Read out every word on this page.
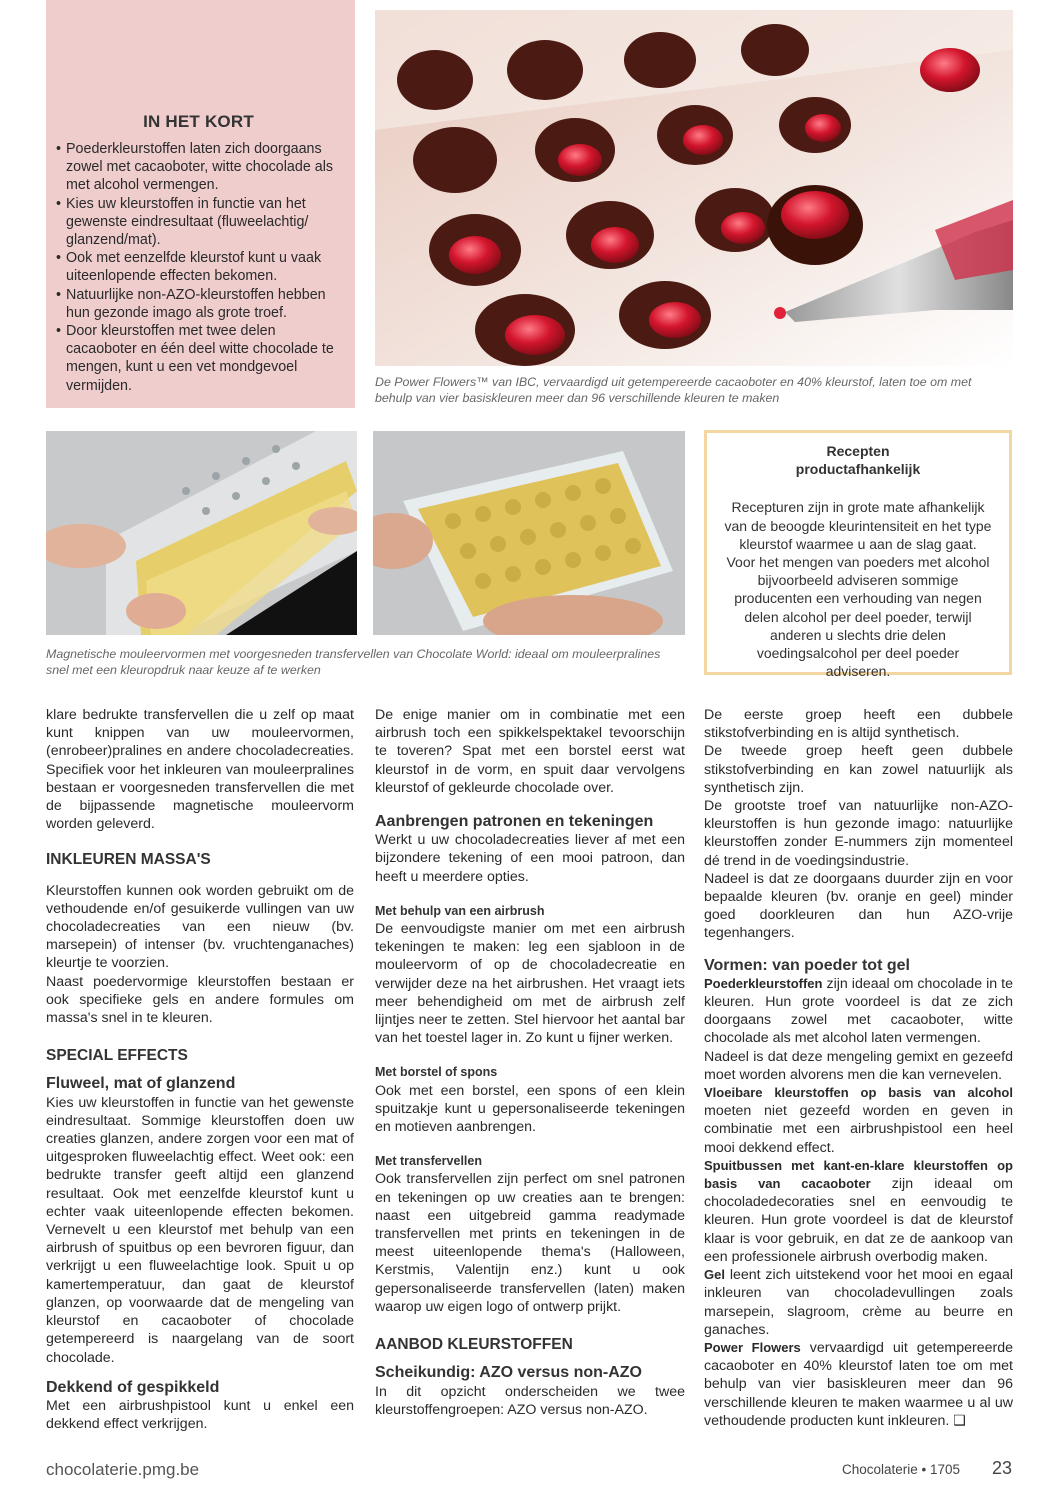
IN HET KORT
• Poederkleurstoffen laten zich doorgaans zowel met cacaoboter, witte chocolade als met alcohol vermengen.
• Kies uw kleurstoffen in functie van het gewenste eindresultaat (fluweelachtig/ glanzend/mat).
• Ook met eenzelfde kleurstof kunt u vaak uiteenlopende effecten bekomen.
• Natuurlijke non-AZO-kleurstoffen hebben hun gezonde imago als grote troef.
• Door kleurstoffen met twee delen cacaoboter en één deel witte chocolade te mengen, kunt u een vet mondgevoel vermijden.	De Power Flowers™ van IBC, vervaardigd uit getempereerde cacaoboter en 40% kleurstof, laten toe om met behulp van vier basiskleuren meer dan 96 verschillende kleuren te maken
Magnetische mouleervormen met voorgesneden transfervellen van Chocolate World: ideaal om mouleerpralines snel met een kleuropdruk naar keuze af te werken
Recepten
productafhankelijk
Recepturen zijn in grote mate afhankelijk van de beoogde kleurintensiteit en het type kleurstof waarmee u aan de slag gaat. Voor het mengen van poeders met alcohol bijvoorbeeld adviseren sommige producenten een verhouding van negen delen alcohol per deel poeder, terwijl anderen u slechts drie delen voedingsalcohol per deel poeder adviseren.

klare bedrukte transfervellen die u zelf op maat kunt knippen van uw mouleervormen, (enrobeer)pralines en andere chocoladecreaties. Specifiek voor het inkleuren van mouleerpralines bestaan er voorgesneden transfervellen die met de bijpassende magnetische mouleervorm worden geleverd.

INKLEUREN MASSA'S

Kleurstoffen kunnen ook worden gebruikt om de vethoudende en/of gesuikerde vullingen van uw chocoladecreaties van een nieuw (bv. marsepein) of intenser (bv. vruchtenganaches) kleurtje te voorzien.

Naast poedervormige kleurstoffen bestaan er ook specifieke gels en andere formules om massa's snel in te kleuren.

SPECIAL EFFECTS

Fluweel, mat of glanzend

Kies uw kleurstoffen in functie van het gewenste eindresultaat. Sommige kleurstoffen doen uw creaties glanzen, andere zorgen voor een mat of uitgesproken fluweelachtig effect. Weet ook: een bedrukte transfer geeft altijd een glanzend resultaat. Ook met eenzelfde kleurstof kunt u echter vaak uiteenlopende effecten bekomen. Vernevelt u een kleurstof met behulp van een airbrush of spuitbus op een bevroren figuur, dan verkrijgt u een fluweelachtige look. Spuit u op kamertemperatuur, dan gaat de kleurstof glanzen, op voorwaarde dat de mengeling van kleurstof en cacaoboter of chocolade getempereerd is naargelang van de soort chocolade.

Dekkend of gespikkeld

Met een airbrushpistool kunt u enkel een dekkend effect verkrijgen.

De enige manier om in combinatie met een airbrush toch een spikkelspektakel tevoorschijn te toveren? Spat met een borstel eerst wat kleurstof in de vorm, en spuit daar vervolgens kleurstof of gekleurde chocolade over.

Aanbrengen patronen en tekeningen

Werkt u uw chocoladecreaties liever af met een bijzondere tekening of een mooi patroon, dan heeft u meerdere opties.

Met behulp van een airbrush

De eenvoudigste manier om met een airbrush tekeningen te maken: leg een sjabloon in de mouleervorm of op de chocoladecreatie en verwijder deze na het airbrushen. Het vraagt iets meer behendigheid om met de airbrush zelf lijntjes neer te zetten. Stel hiervoor het aantal bar van het toestel lager in. Zo kunt u fijner werken.

Met borstel of spons

Ook met een borstel, een spons of een klein spuitzakje kunt u gepersonaliseerde tekeningen en motieven aanbrengen.

Met transfervellen

Ook transfervellen zijn perfect om snel patronen en tekeningen op uw creaties aan te brengen: naast een uitgebreid gamma readymade transfervellen met prints en tekeningen in de meest uiteenlopende thema's (Halloween, Kerstmis, Valentijn enz.) kunt u ook gepersonaliseerde transfervellen (laten) maken waarop uw eigen logo of ontwerp prijkt.

AANBOD KLEURSTOFFEN

Scheikundig: AZO versus non-AZO

In dit opzicht onderscheiden we twee kleurstoffengroepen: AZO versus non-AZO.

De eerste groep heeft een dubbele stikstofverbinding en is altijd synthetisch.

De tweede groep heeft geen dubbele stikstofverbinding en kan zowel natuurlijk als synthetisch zijn.

De grootste troef van natuurlijke non-AZO-kleurstoffen is hun gezonde imago: natuurlijke kleurstoffen zonder E-nummers zijn momenteel dé trend in de voedingsindustrie.

Nadeel is dat ze doorgaans duurder zijn en voor bepaalde kleuren (bv. oranje en geel) minder goed doorkleuren dan hun AZO-vrije tegenhangers.

Vormen: van poeder tot gel

Poederkleurstoffen zijn ideaal om chocolade in te kleuren. Hun grote voordeel is dat ze zich doorgaans zowel met cacaoboter, witte chocolade als met alcohol laten vermengen.

Nadeel is dat deze mengeling gemixt en gezeefd moet worden alvorens men die kan vernevelen.

Vloeibare kleurstoffen op basis van alcohol moeten niet gezeefd worden en geven in combinatie met een airbrushpistool een heel mooi dekkend effect.

Spuitbussen met kant-en-klare kleurstoffen op basis van cacaoboter zijn ideaal om chocoladedecoraties snel en eenvoudig te kleuren. Hun grote voordeel is dat de kleurstof klaar is voor gebruik, en dat ze de aankoop van een professionele airbrush overbodig maken.

Gel leent zich uitstekend voor het mooi en egaal inkleuren van chocoladevullingen zoals marsepein, slagroom, crème au beurre en ganaches.

Power Flowers vervaardigd uit getempereerde cacaoboter en 40% kleurstof laten toe om met behulp van vier basiskleuren meer dan 96 verschillende kleuren te maken waarmee u al uw vethoudende producten kunt inkleuren. ❑

chocolaterie.pmg.be	Chocolaterie • 1705 23
